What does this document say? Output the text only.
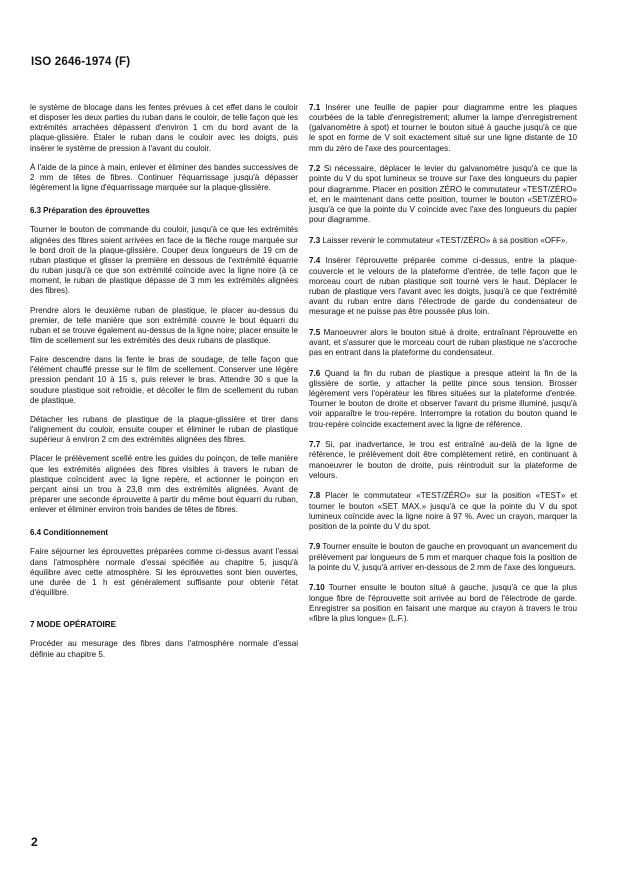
ISO 2646-1974 (F)

le système de blocage dans les fentes prévues à cet effet dans le couloir et disposer les deux parties du ruban dans le couloir, de telle façon que les extrémités arrachées dépassent d'environ 1 cm du bord avant de la plaque-glissière. Étaler le ruban dans le couloir avec les doigts, puis insérer le système de pression à l'avant du couloir.

À l'aide de la pince à main, enlever et éliminer des bandes successives de 2 mm de têtes de fibres. Continuer l'équarrissage jusqu'à dépasser légèrement la ligne d'équarrissage marquée sur la plaque-glissière.

6.3 Préparation des éprouvettes

Tourner le bouton de commande du couloir, jusqu'à ce que les extrémités alignées des fibres soient arrivées en face de la flèche rouge marquée sur le bord droit de la plaque-glissière. Couper deux longueurs de 19 cm de ruban plastique et glisser la première en dessous de l'extrémité équarrie du ruban jusqu'à ce que son extrémité coïncide avec la ligne noire (à ce moment, le ruban de plastique dépasse de 3 mm les extrémités alignées des fibres).

Prendre alors le deuxième ruban de plastique, le placer au-dessus du premier, de telle manière que son extrémité couvre le bout équarri du ruban et se trouve également au-dessus de la ligne noire; placer ensuite le film de scellement sur les extrémités des deux rubans de plastique.

Faire descendre dans la fente le bras de soudage, de telle façon que l'élément chauffé presse sur le film de scellement. Conserver une légère pression pendant 10 à 15 s, puis relever le bras. Attendre 30 s que la soudure plastique soit refroidie, et décoller le film de scellement du ruban de plastique.

Détacher les rubans de plastique de la plaque-glissière et tirer dans l'alignement du couloir, ensuite couper et éliminer le ruban de plastique supérieur à environ 2 cm des extrémités alignées des fibres.

Placer le prélèvement scellé entre les guides du poinçon, de telle manière que les extrémités alignées des fibres visibles à travers le ruban de plastique coïncident avec la ligne repère, et actionner le poinçon en perçant ainsi un trou à 23,8 mm des extrémités alignées. Avant de préparer une seconde éprouvette à partir du même bout équarri du ruban, enlever et éliminer environ trois bandes de têtes de fibres.

6.4 Conditionnement

Faire séjourner les éprouvettes préparées comme ci-dessus avant l'essai dans l'atmosphère normale d'essai spécifiée au chapitre 5, jusqu'à équilibre avec cette atmosphère. Si les éprouvettes sont bien ouvertes, une durée de 1 h est généralement suffisante pour obtenir l'état d'équilibre.

7 MODE OPÉRATOIRE

Procéder au mesurage des fibres dans l'atmosphère normale d'essai définie au chapitre 5.

7.1 Insérer une feuille de papier pour diagramme entre les plaques courbées de la table d'enregistrement; allumer la lampe d'enregistrement (galvanomètre à spot) et tourner le bouton situé à gauche jusqu'à ce que le spot en forme de V soit exactement situé sur une ligne distante de 10 mm du zéro de l'axe des pourcentages.

7.2 Si nécessaire, déplacer le levier du galvanomètre jusqu'à ce que la pointe du V du spot lumineux se trouve sur l'axe des longueurs du papier pour diagramme. Placer en position ZÉRO le commutateur «TEST/ZÉRO» et, en le maintenant dans cette position, tourner le bouton «SET/ZÉRO» jusqu'à ce que la pointe du V coïncide avec l'axe des longueurs du papier pour diagramme.

7.3 Laisser revenir le commutateur «TEST/ZÉRO» à sa position «OFF».

7.4 Insérer l'éprouvette préparée comme ci-dessus, entre la plaque-couvercle et le velours de la plateforme d'entrée, de telle façon que le morceau court de ruban plastique soit tourné vers le haut. Déplacer le ruban de plastique vers l'avant avec les doigts, jusqu'à ce que l'extrémité avant du ruban entre dans l'électrode de garde du condensateur de mesurage et ne puisse pas être poussée plus loin.

7.5 Manoeuvrer alors le bouton situé à droite, entraînant l'éprouvette en avant, et s'assurer que le morceau court de ruban plastique ne s'accroche pas en entrant dans la plateforme du condensateur.

7.6 Quand la fin du ruban de plastique a presque atteint la fin de la glissière de sortie, y attacher la petite pince sous tension. Brosser légèrement vers l'opérateur les fibres situées sur la plateforme d'entrée. Tourner le bouton de droite et observer l'avant du prisme illuminé, jusqu'à voir apparaître le trou-repère. Interrompre la rotation du bouton quand le trou-repère coïncide exactement avec la ligne de référence.

7.7 Si, par inadvertance, le trou est entraîné au-delà de la ligne de référence, le prélèvement doit être complètement retiré, en continuant à manoeuvrer le bouton de droite, puis réintroduit sur la plateforme de velours.

7.8 Placer le commutateur «TEST/ZÉRO» sur la position «TEST» et tourner le bouton «SET MAX.» jusqu'à ce que la pointe du V du spot lumineux coïncide avec la ligne noire à 97 %. Avec un crayon, marquer la position de la pointe du V du spot.

7.9 Tourner ensuite le bouton de gauche en provoquant un avancement du prélèvement par longueurs de 5 mm et marquer chaque fois la position de la pointe du V, jusqu'à arriver en-dessous de 2 mm de l'axe des longueurs.

7.10 Tourner ensuite le bouton situé à gauche, jusqu'à ce que la plus longue fibre de l'éprouvette soit arrivée au bord de l'électrode de garde. Enregistrer sa position en faisant une marque au crayon à travers le trou «fibre la plus longue» (L.F.).

2
